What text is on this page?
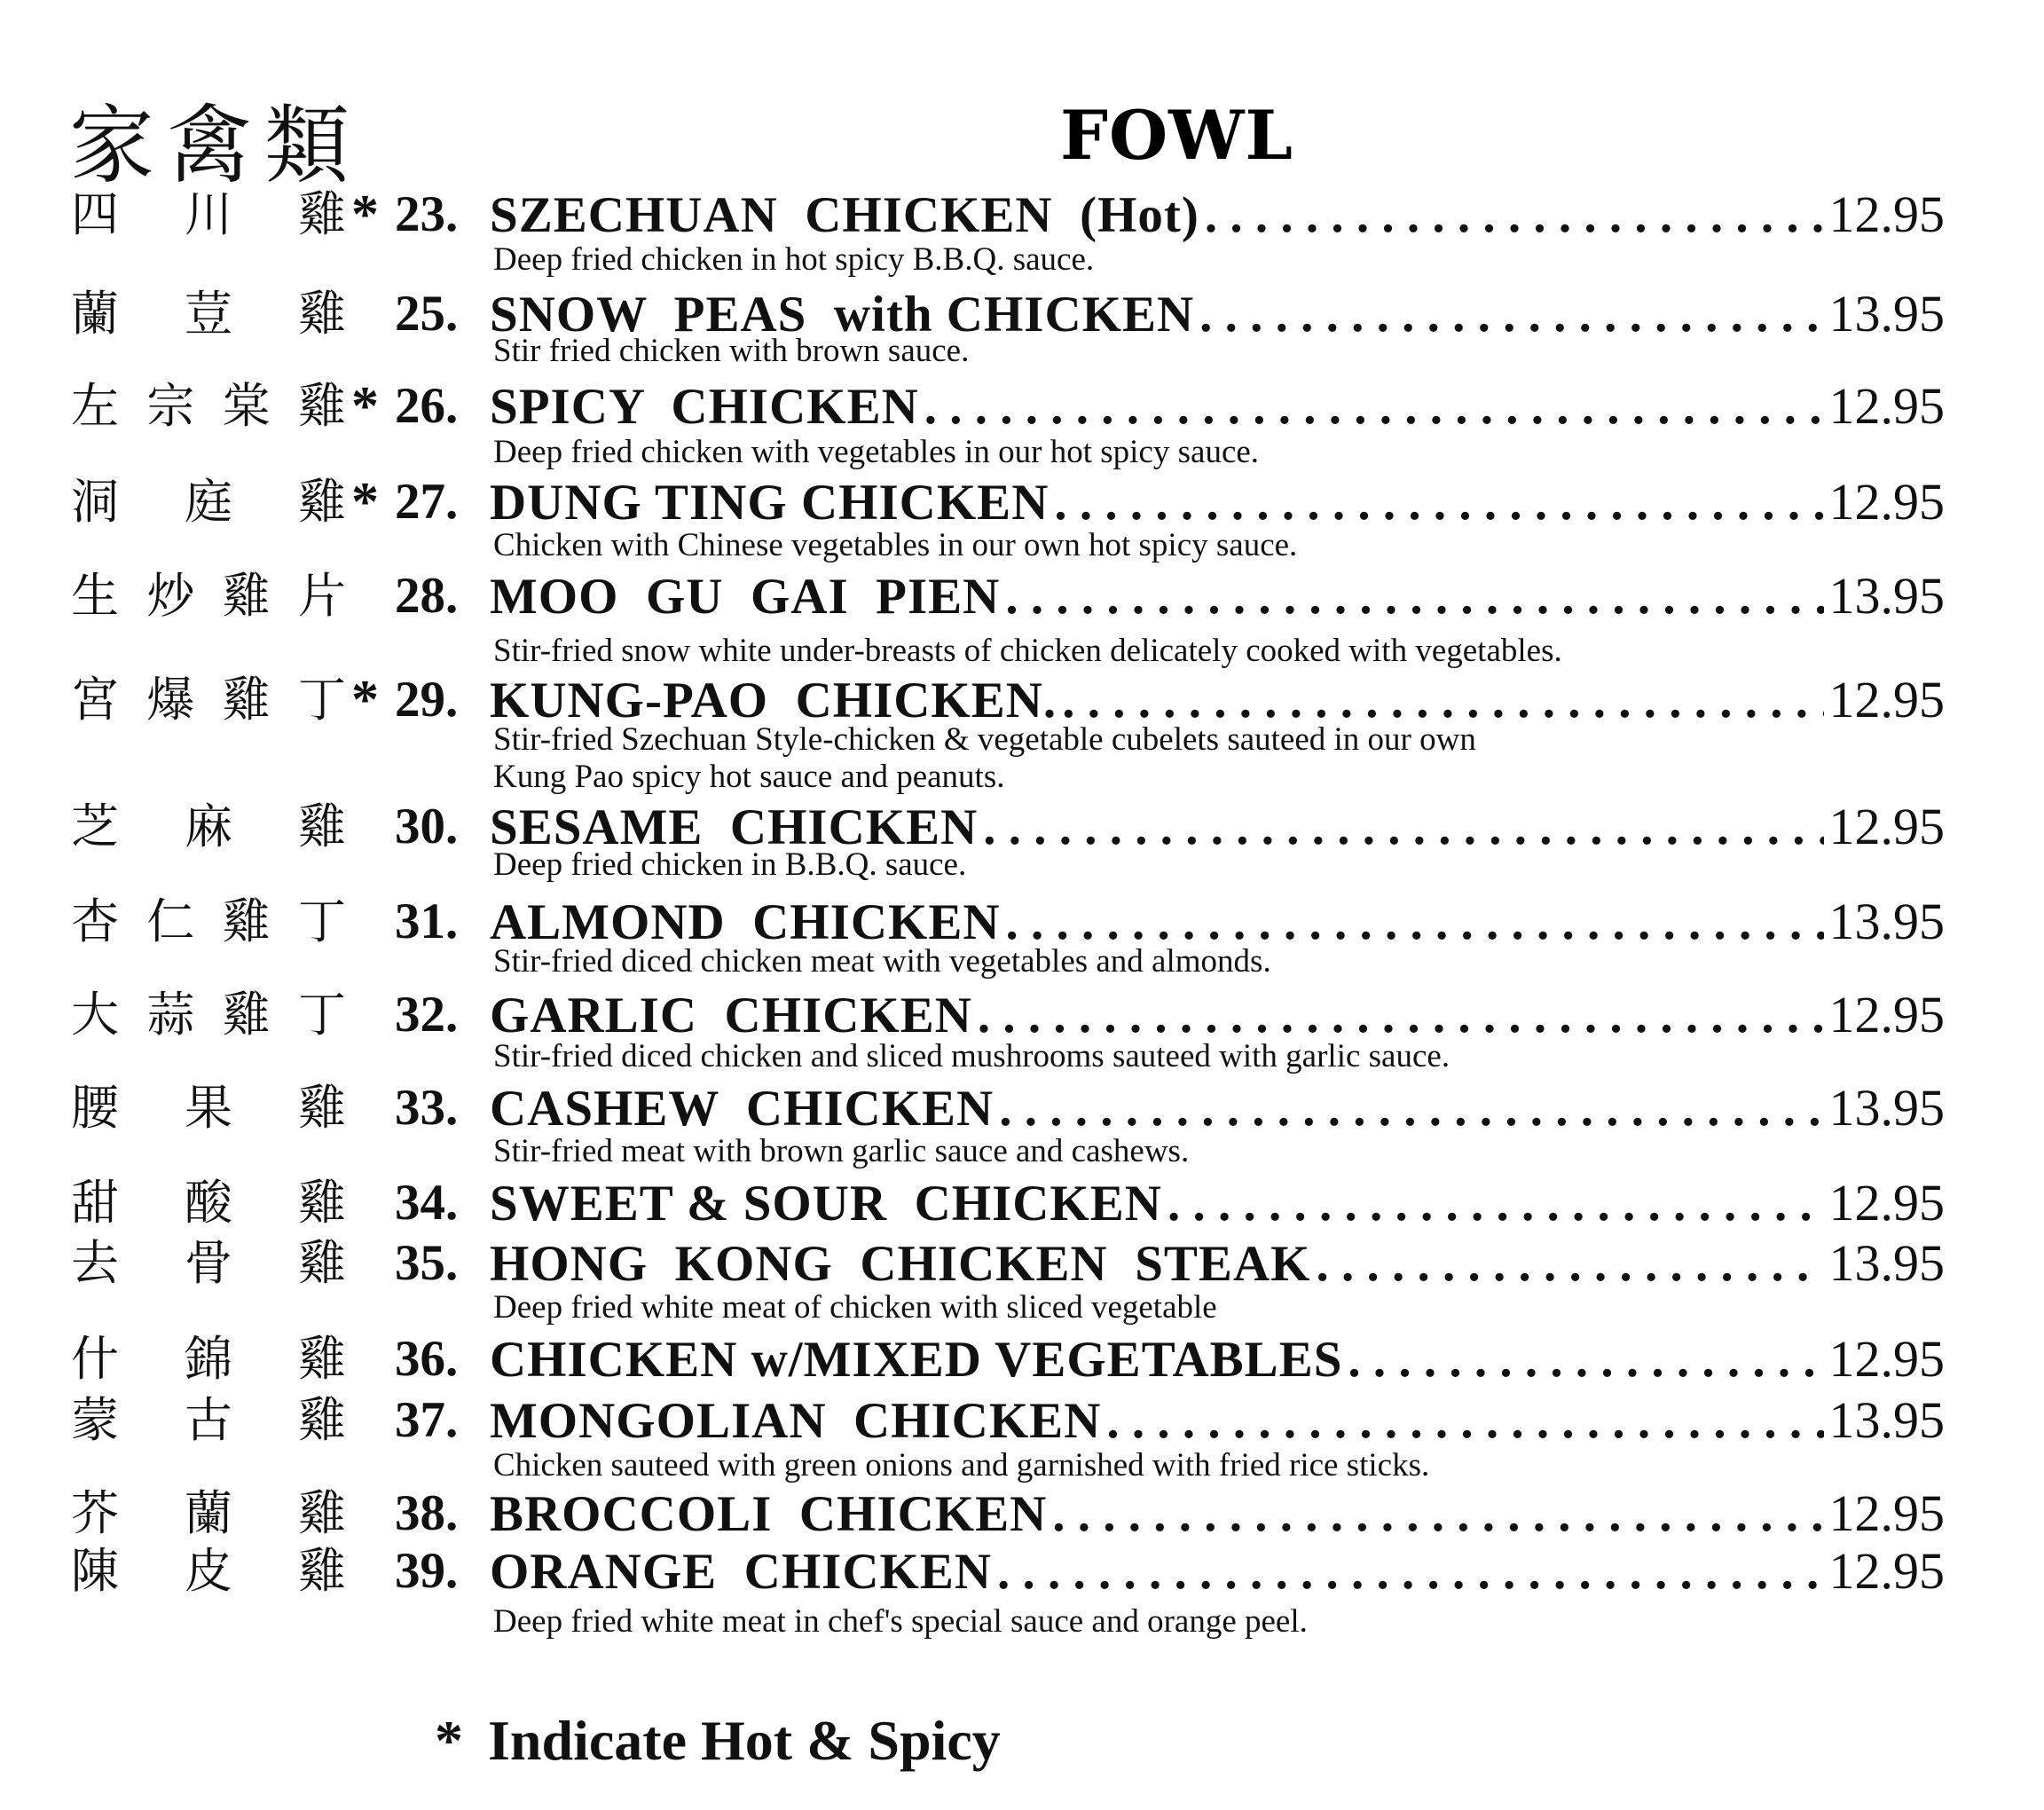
家禽類	FOWL
四 川 雞 * 23. SZECHUAN  CHICKEN  (Hot) . . .	12.95
Deep fried chicken in hot spicy B.B.Q. sauce.
蘭 荳 雞 25. SNOW  PEAS  with CHICKEN . . .	13.95
Stir fried chicken with brown sauce.
左 宗 棠 雞 * 26. SPICY  CHICKEN . . .	12.95
Deep fried chicken with vegetables in our hot spicy sauce.
洞 庭 雞 * 27. DUNG TING CHICKEN . . .	12.95
Chicken with Chinese vegetables in our own hot spicy sauce.
生 炒 雞 片 28. MOO  GU  GAI  PIEN . . .	13.95
Stir-fried snow white under-breasts of chicken delicately cooked with vegetables.
宮 爆 雞 丁 * 29. KUNG-PAO  CHICKEN. . . .	12.95
Stir-fried Szechuan Style-chicken & vegetable cubelets sauteed in our own
Kung Pao spicy hot sauce and peanuts.
芝 麻 雞 30. SESAME  CHICKEN . . .	12.95
Deep fried chicken in B.B.Q. sauce.
杏 仁 雞 丁 31. ALMOND  CHICKEN . . .	13.95
Stir-fried diced chicken meat with vegetables and almonds.
大 蒜 雞 丁 32. GARLIC  CHICKEN . . .	12.95
Stir-fried diced chicken and sliced mushrooms sauteed with garlic sauce.
腰 果 雞 33. CASHEW  CHICKEN . . .	13.95
Stir-fried meat with brown garlic sauce and cashews.
甜 酸 雞 34. SWEET & SOUR  CHICKEN . . .	12.95
去 骨 雞 35. HONG  KONG  CHICKEN  STEAK . . .	13.95
Deep fried white meat of chicken with sliced vegetable
什 錦 雞 36. CHICKEN w/MIXED VEGETABLES . . .	12.95
蒙 古 雞 37. MONGOLIAN  CHICKEN . . .	13.95
Chicken sauteed with green onions and garnished with fried rice sticks.
芥 蘭 雞 38. BROCCOLI  CHICKEN . . .	12.95
陳 皮 雞 39. ORANGE  CHICKEN . . .	12.95
Deep fried white meat in chef's special sauce and orange peel.
* Indicate Hot & Spicy
